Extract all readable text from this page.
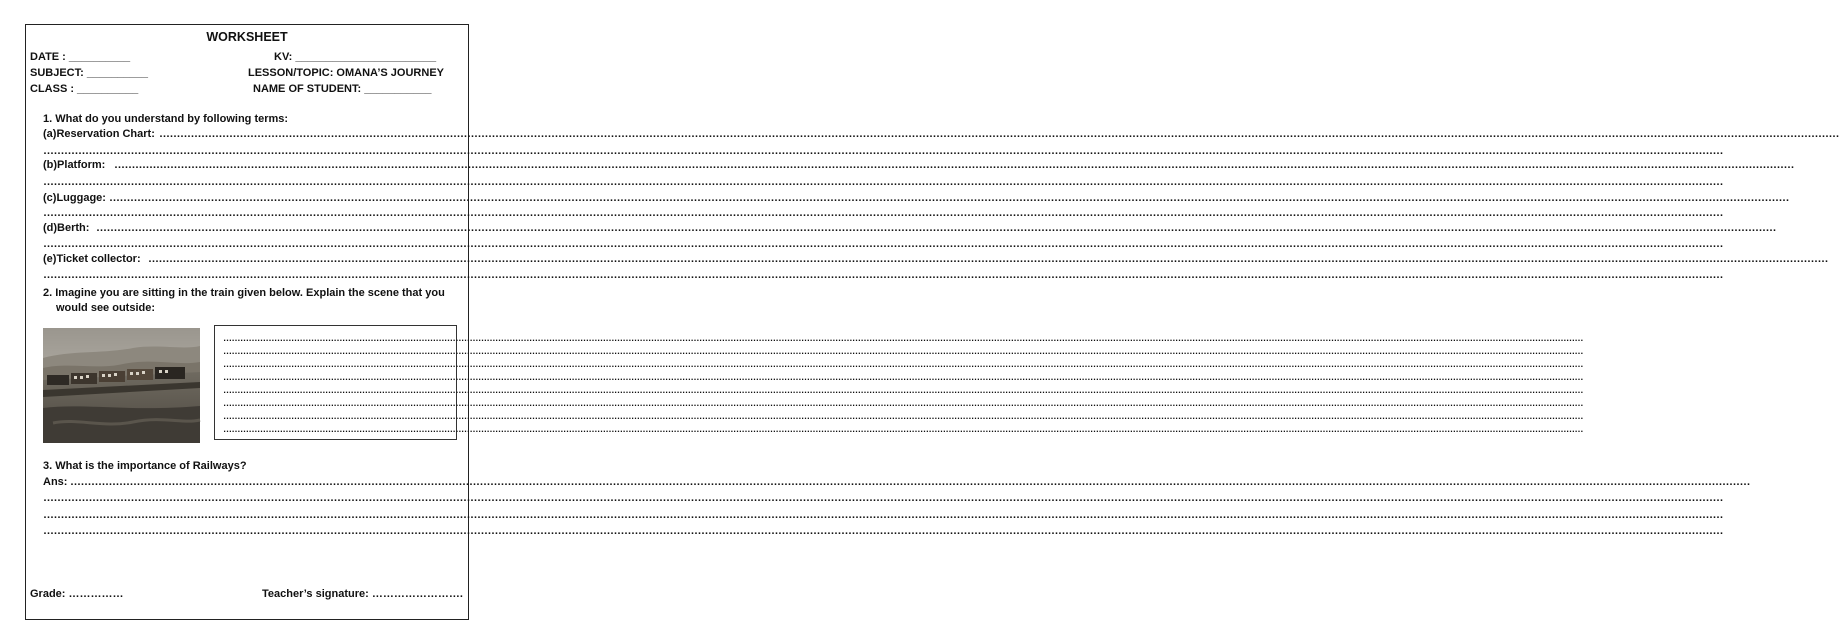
WORKSHEET
DATE : __________	KV: _______________________
SUBJECT: __________	LESSON/TOPIC: OMANA’S JOURNEY
CLASS : __________	NAME OF STUDENT: ___________
1. What do you understand by following terms:
(a)Reservation Chart: …………………………………………………………………………………………………………………………………………………………………………………………………………………………………………………………………………………………………………………………………………………………………………………………………………………………………………
…………………………………………………………………………………………………………………………………………………………………………………………………………………………………………………………………………………………………………………………………………………………………………………………………………………………………………
(b)Platform: …………………………………………………………………………………………………………………………………………………………………………………………………………………………………………………………………………………………………………………………………………………………………………………………………………………………………………
…………………………………………………………………………………………………………………………………………………………………………………………………………………………………………………………………………………………………………………………………………………………………………………………………………………………………………
(c)Luggage: …………………………………………………………………………………………………………………………………………………………………………………………………………………………………………………………………………………………………………………………………………………………………………………………………………………………………………
…………………………………………………………………………………………………………………………………………………………………………………………………………………………………………………………………………………………………………………………………………………………………………………………………………………………………………
(d)Berth: …………………………………………………………………………………………………………………………………………………………………………………………………………………………………………………………………………………………………………………………………………………………………………………………………………………………………………
…………………………………………………………………………………………………………………………………………………………………………………………………………………………………………………………………………………………………………………………………………………………………………………………………………………………………………
(e)Ticket collector: …………………………………………………………………………………………………………………………………………………………………………………………………………………………………………………………………………………………………………………………………………………………………………………………………………………………………………
…………………………………………………………………………………………………………………………………………………………………………………………………………………………………………………………………………………………………………………………………………………………………………………………………………………………………………
2. Imagine you are sitting in the train given below. Explain the scene that you
would see outside:
…………………………………………………………………………………………………………………………………………………………………………………………………………………………………………………………………………………………………………………………………………………………………………………………………………………………………………
…………………………………………………………………………………………………………………………………………………………………………………………………………………………………………………………………………………………………………………………………………………………………………………………………………………………………………
…………………………………………………………………………………………………………………………………………………………………………………………………………………………………………………………………………………………………………………………………………………………………………………………………………………………………………
…………………………………………………………………………………………………………………………………………………………………………………………………………………………………………………………………………………………………………………………………………………………………………………………………………………………………………
…………………………………………………………………………………………………………………………………………………………………………………………………………………………………………………………………………………………………………………………………………………………………………………………………………………………………………
…………………………………………………………………………………………………………………………………………………………………………………………………………………………………………………………………………………………………………………………………………………………………………………………………………………………………………
…………………………………………………………………………………………………………………………………………………………………………………………………………………………………………………………………………………………………………………………………………………………………………………………………………………………………………
…………………………………………………………………………………………………………………………………………………………………………………………………………………………………………………………………………………………………………………………………………………………………………………………………………………………………………
3. What is the importance of Railways?
Ans: …………………………………………………………………………………………………………………………………………………………………………………………………………………………………………………………………………………………………………………………………………………………………………………………………………………………………………
…………………………………………………………………………………………………………………………………………………………………………………………………………………………………………………………………………………………………………………………………………………………………………………………………………………………………………
…………………………………………………………………………………………………………………………………………………………………………………………………………………………………………………………………………………………………………………………………………………………………………………………………………………………………………
…………………………………………………………………………………………………………………………………………………………………………………………………………………………………………………………………………………………………………………………………………………………………………………………………………………………………………
Grade: ……………	Teacher’s signature: …………………….
